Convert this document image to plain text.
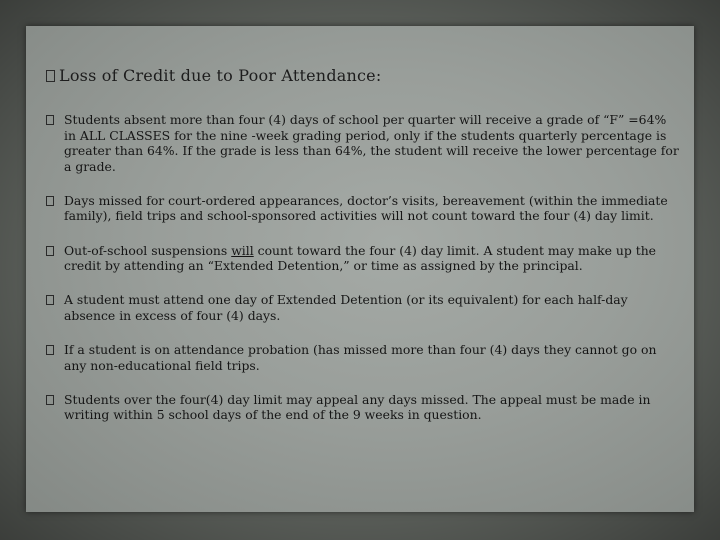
Loss of Credit due to Poor Attendance:
Students absent more than four (4) days of school per quarter will receive a grade of “F” =64% in ALL CLASSES for the nine -week grading period, only if the students quarterly percentage is greater than 64%. If the grade is less than 64%, the student will receive the lower percentage for a grade.
Days missed for court-ordered appearances, doctor’s visits, bereavement (within the immediate family), field trips and school-sponsored activities will not count toward the four (4) day limit.
Out-of-school suspensions will count toward the four (4) day limit. A student may make up the credit by attending an “Extended Detention,” or time as assigned by the principal.
A student must attend one day of Extended Detention (or its equivalent) for each half-day absence in excess of four (4) days.
If a student is on attendance probation (has missed more than four (4) days they cannot go on any non-educational field trips.
Students over the four(4) day limit may appeal any days missed. The appeal must be made in writing within 5 school days of the end of the 9 weeks in question.
